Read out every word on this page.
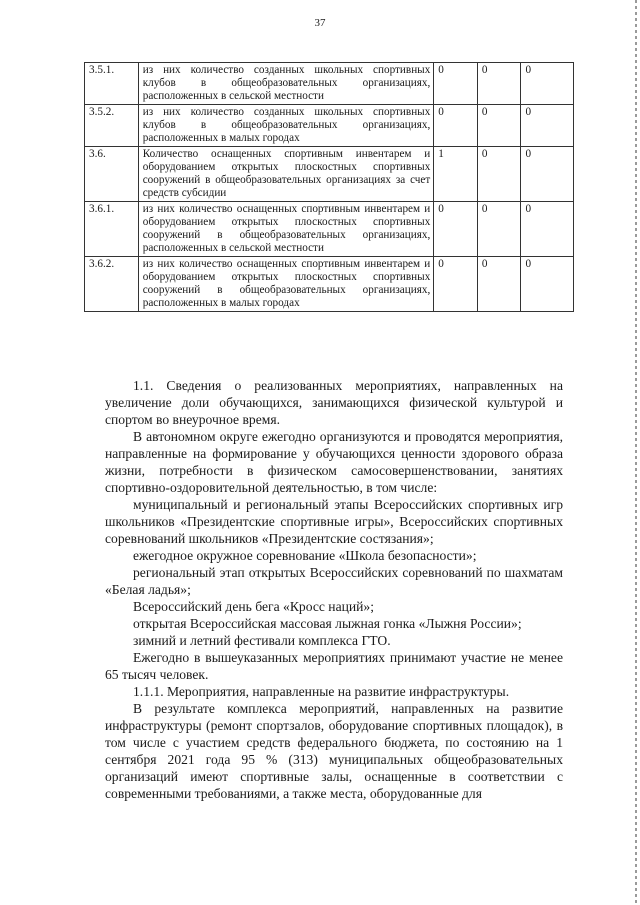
37
3.5.1.	из них количество созданных школьных спортивных клубов в общеобразовательных организациях, расположенных в сельской местности	0	0	0
3.5.2.	из них количество созданных школьных спортивных клубов в общеобразовательных организациях, расположенных в малых городах	0	0	0
3.6.	Количество оснащенных спортивным инвентарем и оборудованием открытых плоскостных спортивных сооружений в общеобразовательных организациях за счет средств субсидии	1	0	0
3.6.1.	из них количество оснащенных спортивным инвентарем и оборудованием открытых плоскостных спортивных сооружений в общеобразовательных организациях, расположенных в сельской местности	0	0	0
3.6.2.	из них количество оснащенных спортивным инвентарем и оборудованием открытых плоскостных спортивных сооружений в общеобразовательных организациях, расположенных в малых городах	0	0	0

1.1. Сведения о реализованных мероприятиях, направленных на увеличение доли обучающихся, занимающихся физической культурой и спортом во внеурочное время.

В автономном округе ежегодно организуются и проводятся мероприятия, направленные на формирование у обучающихся ценности здорового образа жизни, потребности в физическом самосовершенствовании, занятиях спортивно-оздоровительной деятельностью, в том числе:

муниципальный и региональный этапы Всероссийских спортивных игр школьников «Президентские спортивные игры», Всероссийских спортивных соревнований школьников «Президентские состязания»;

ежегодное окружное соревнование «Школа безопасности»;

региональный этап открытых Всероссийских соревнований по шахматам «Белая ладья»;

Всероссийский день бега «Кросс наций»;

открытая Всероссийская массовая лыжная гонка «Лыжня России»;

зимний и летний фестивали комплекса ГТО.

Ежегодно в вышеуказанных мероприятиях принимают участие не менее 65 тысяч человек.

1.1.1. Мероприятия, направленные на развитие инфраструктуры.

В результате комплекса мероприятий, направленных на развитие инфраструктуры (ремонт спортзалов, оборудование спортивных площадок), в том числе с участием средств федерального бюджета, по состоянию на 1 сентября 2021 года 95 % (313) муниципальных общеобразовательных организаций имеют спортивные залы, оснащенные в соответствии с современными требованиями, а также места, оборудованные для
